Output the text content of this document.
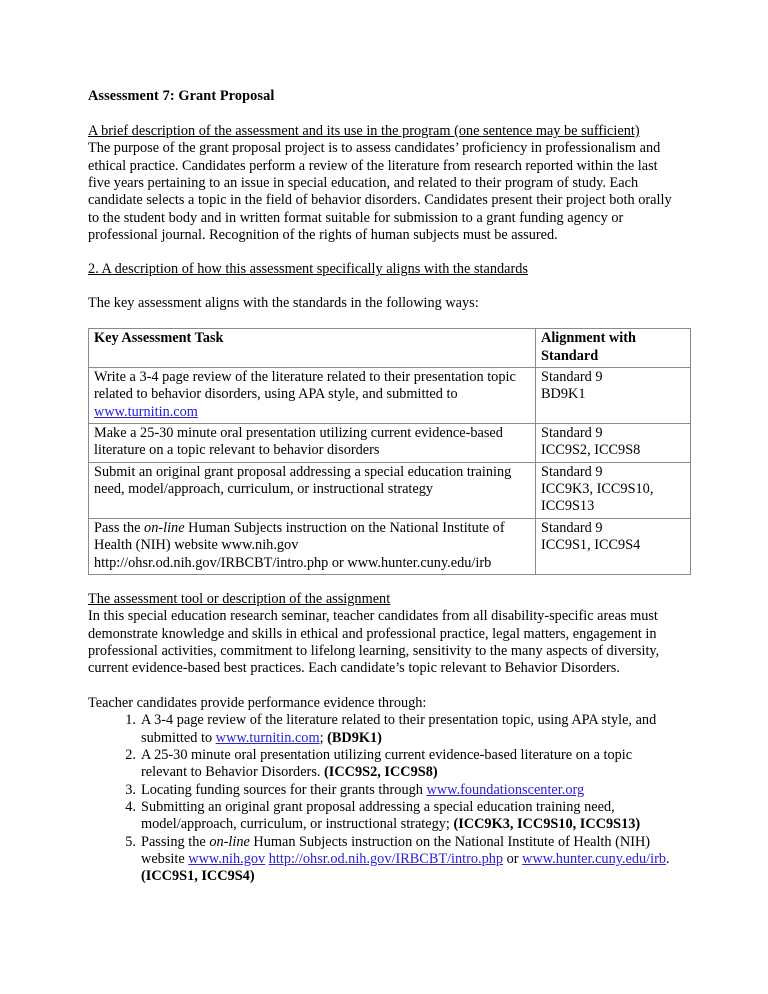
Assessment 7: Grant Proposal
A brief description of the assessment and its use in the program (one sentence may be sufficient)

The purpose of the grant proposal project is to assess candidates’ proficiency in professionalism and ethical practice. Candidates perform a review of the literature from research reported within the last five years pertaining to an issue in special education, and related to their program of study. Each candidate selects a topic in the field of behavior disorders. Candidates present their project both orally to the student body and in written format suitable for submission to a grant funding agency or professional journal. Recognition of the rights of human subjects must be assured.

2. A description of how this assessment specifically aligns with the standards

The key assessment aligns with the standards in the following ways:

Key Assessment Task	Alignment with Standard
Write a 3-4 page review of the literature related to their presentation topic related to behavior disorders, using APA style, and submitted to www.turnitin.com	Standard 9
BD9K1

Make a 25-30 minute oral presentation utilizing current evidence-based literature on a topic relevant to behavior disorders	Standard 9
ICC9S2, ICC9S8

Submit an original grant proposal addressing a special education training need, model/approach, curriculum, or instructional strategy	Standard 9
ICC9K3, ICC9S10,
ICC9S13

Pass the on-line Human Subjects instruction on the National Institute of Health (NIH) website www.nih.gov http://ohsr.od.nih.gov/IRBCBT/intro.php or www.hunter.cuny.edu/irb	Standard 9
ICC9S1, ICC9S4
The assessment tool or description of the assignment

In this special education research seminar, teacher candidates from all disability-specific areas must demonstrate knowledge and skills in ethical and professional practice, legal matters, engagement in professional activities, commitment to lifelong learning, sensitivity to the many aspects of diversity, current evidence-based best practices. Each candidate’s topic relevant to Behavior Disorders.

Teacher candidates provide performance evidence through:

1. A 3-4 page review of the literature related to their presentation topic, using APA style, and submitted to www.turnitin.com; (BD9K1)
2. A 25-30 minute oral presentation utilizing current evidence-based literature on a topic relevant to Behavior Disorders. (ICC9S2, ICC9S8)
3. Locating funding sources for their grants through www.foundationscenter.org
4. Submitting an original grant proposal addressing a special education training need, model/approach, curriculum, or instructional strategy; (ICC9K3, ICC9S10, ICC9S13)
5. Passing the on-line Human Subjects instruction on the National Institute of Health (NIH) website www.nih.gov http://ohsr.od.nih.gov/IRBCBT/intro.php or www.hunter.cuny.edu/irb. (ICC9S1, ICC9S4)
